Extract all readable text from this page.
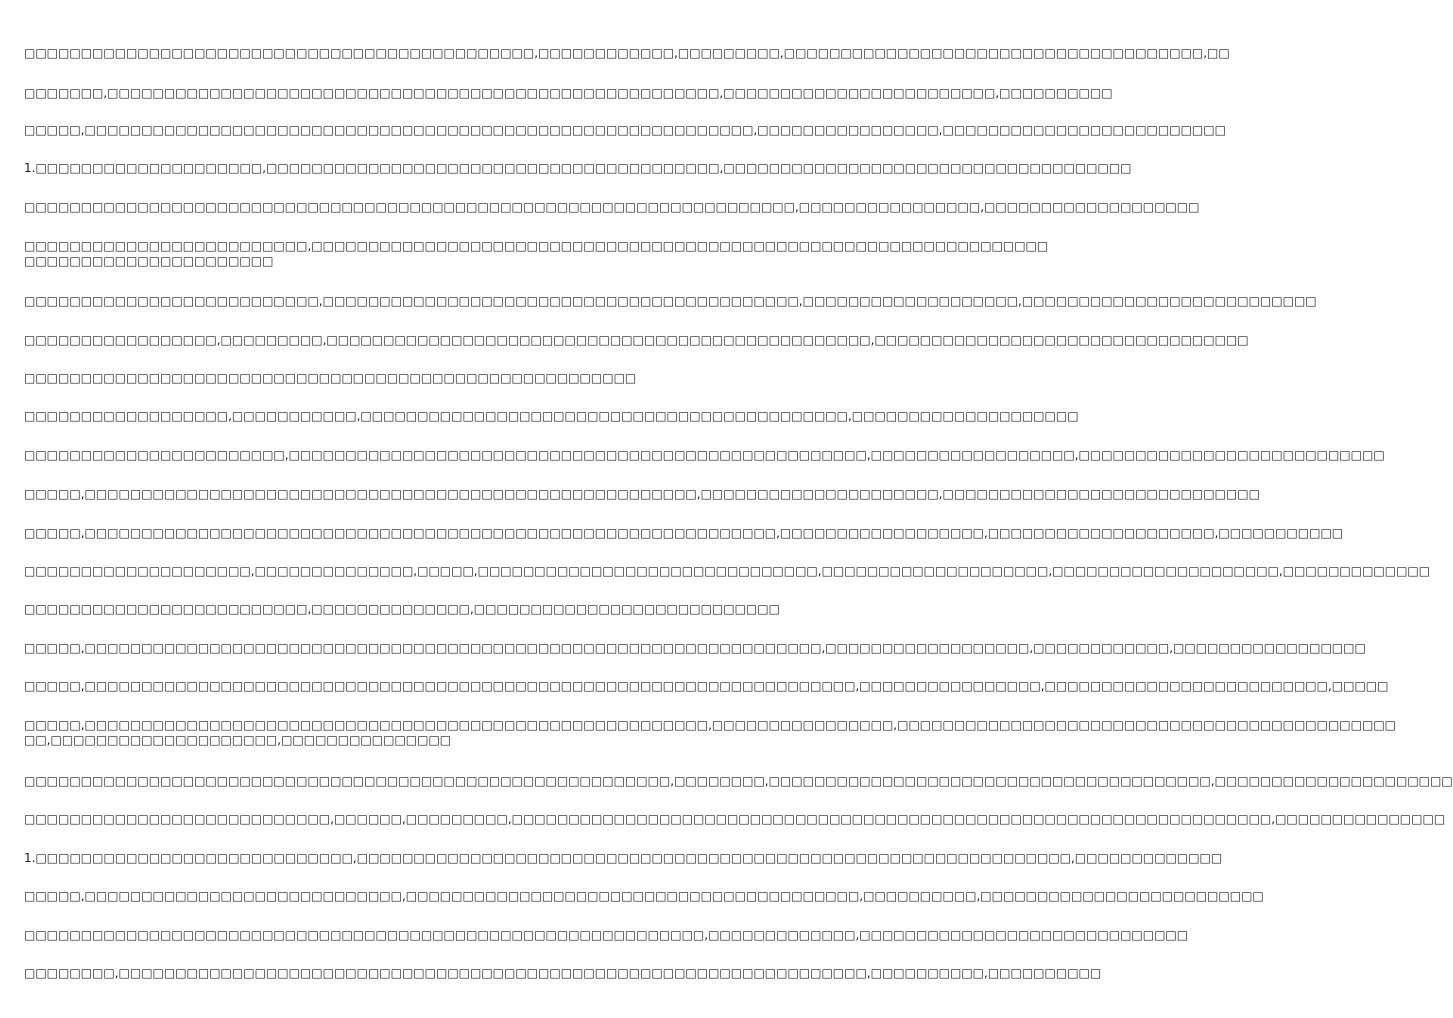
□□□□□□□□□□□□□□□□□□□□□□□□□□□□□□□□□□□□□□□□□□□□□,□□□□□□□□□□□□,□□□□□□□□□,□□□□□□□□□□□□□□□□□□□□□□□□□□□□□□□□□□□□□,□□

□□□□□□□,□□□□□□□□□□□□□□□□□□□□□□□□□□□□□□□□□□□□□□□□□□□□□□□□□□□□□□,□□□□□□□□□□□□□□□□□□□□□□□□,□□□□□□□□□□

□□□□□,□□□□□□□□□□□□□□□□□□□□□□□□□□□□□□□□□□□□□□□□□□□□□□□□□□□□□□□□□□□,□□□□□□□□□□□□□□□□,□□□□□□□□□□□□□□□□□□□□□□□□□

1.□□□□□□□□□□□□□□□□□□□□,□□□□□□□□□□□□□□□□□□□□□□□□□□□□□□□□□□□□□□□□,□□□□□□□□□□□□□□□□□□□□□□□□□□□□□□□□□□□□

□□□□□□□□□□□□□□□□□□□□□□□□□□□□□□□□□□□□□□□□□□□□□□□□□□□□□□□□□□□□□□□□□□□□,□□□□□□□□□□□□□□□□,□□□□□□□□□□□□□□□□□□□

□□□□□□□□□□□□□□□□□□□□□□□□□,□□□□□□□□□□□□□□□□□□□□□□□□□□□□□□□□□□□□□□□□□□□□□□□□□□□□□□□□□□□□□□□□□ □□□□□□□□□□□□□□□□□□□□□□

□□□□□□□□□□□□□□□□□□□□□□□□□□,□□□□□□□□□□□□□□□□□□□□□□□□□□□□□□□□□□□□□□□□□□,□□□□□□□□□□□□□□□□□□□,□□□□□□□□□□□□□□□□□□□□□□□□□□

□□□□□□□□□□□□□□□□□,□□□□□□□□□,□□□□□□□□□□□□□□□□□□□□□□□□□□□□□□□□□□□□□□□□□□□□□□□□,□□□□□□□□□□□□□□□□□□□□□□□□□□□□□□□□□

□□□□□□□□□□□□□□□□□□□□□□□□□□□□□□□□□□□□□□□□□□□□□□□□□□□□□□

□□□□□□□□□□□□□□□□□□,□□□□□□□□□□□,□□□□□□□□□□□□□□□□□□□□□□□□□□□□□□□□□□□□□□□□□□□,□□□□□□□□□□□□□□□□□□□□

□□□□□□□□□□□□□□□□□□□□□□□,□□□□□□□□□□□□□□□□□□□□□□□□□□□□□□□□□□□□□□□□□□□□□□□□□□□,□□□□□□□□□□□□□□□□□□,□□□□□□□□□□□□□□□□□□□□□□□□□□□

□□□□□,□□□□□□□□□□□□□□□□□□□□□□□□□□□□□□□□□□□□□□□□□□□□□□□□□□□□□□,□□□□□□□□□□□□□□□□□□□□□,□□□□□□□□□□□□□□□□□□□□□□□□□□□□

□□□□□,□□□□□□□□□□□□□□□□□□□□□□□□□□□□□□□□□□□□□□□□□□□□□□□□□□□□□□□□□□□□□,□□□□□□□□□□□□□□□□□□,□□□□□□□□□□□□□□□□□□□□,□□□□□□□□□□□

□□□□□□□□□□□□□□□□□□□□,□□□□□□□□□□□□□□,□□□□□,□□□□□□□□□□□□□□□□□□□□□□□□□□□□□□,□□□□□□□□□□□□□□□□□□□□,□□□□□□□□□□□□□□□□□□□□,□□□□□□□□□□□□□

□□□□□□□□□□□□□□□□□□□□□□□□□,□□□□□□□□□□□□□□,□□□□□□□□□□□□□□□□□□□□□□□□□□□

□□□□□,□□□□□□□□□□□□□□□□□□□□□□□□□□□□□□□□□□□□□□□□□□□□□□□□□□□□□□□□□□□□□□□□□,□□□□□□□□□□□□□□□□□□,□□□□□□□□□□□□,□□□□□□□□□□□□□□□□□

□□□□□,□□□□□□□□□□□□□□□□□□□□□□□□□□□□□□□□□□□□□□□□□□□□□□□□□□□□□□□□□□□□□□□□□□□□,□□□□□□□□□□□□□□□□,□□□□□□□□□□□□□□□□□□□□□□□□□,□□□□□

□□□□□,□□□□□□□□□□□□□□□□□□□□□□□□□□□□□□□□□□□□□□□□□□□□□□□□□□□□□□□,□□□□□□□□□□□□□□□□,□□□□□□□□□□□□□□□□□□□□□□□□□□□□□□□□□□□□□□□□□□□□ □□,□□□□□□□□□□□□□□□□□□□□,□□□□□□□□□□□□□□□

□□□□□□□□□□□□□□□□□□□□□□□□□□□□□□□□□□□□□□□□□□□□□□□□□□□□□□□□□,□□□□□□□□,□□□□□□□□□□□□□□□□□□□□□□□□□□□□□□□□□□□□□□□,□□□□□□□□□□□□□□□□□□□□□

□□□□□□□□□□□□□□□□□□□□□□□□□□□,□□□□□□,□□□□□□□□□,□□□□□□□□□□□□□□□□□□□□□□□□□□□□□□□□□□□□□□□□□□□□□□□□□□□□□□□□□□□□□□□□□□□,□□□□□□□□□□□□□□□

1.□□□□□□□□□□□□□□□□□□□□□□□□□□□□,□□□□□□□□□□□□□□□□□□□□□□□□□□□□□□□□□□□□□□□□□□□□□□□□□□□□□□□□□□□□□□□,□□□□□□□□□□□□□

□□□□□,□□□□□□□□□□□□□□□□□□□□□□□□□□□□,□□□□□□□□□□□□□□□□□□□□□□□□□□□□□□□□□□□□□□□□,□□□□□□□□□□,□□□□□□□□□□□□□□□□□□□□□□□□□

□□□□□□□□□□□□□□□□□□□□□□□□□□□□□□□□□□□□□□□□□□□□□□□□□□□□□□□□□□□□,□□□□□□□□□□□□□,□□□□□□□□□□□□□□□□□□□□□□□□□□□□□

□□□□□□□□,□□□□□□□□□□□□□□□□□□□□□□□□□□□□□□□□□□□□□□□□□□□□□□□□□□□□□□□□□□□□□□□□□□,□□□□□□□□□□,□□□□□□□□□□
